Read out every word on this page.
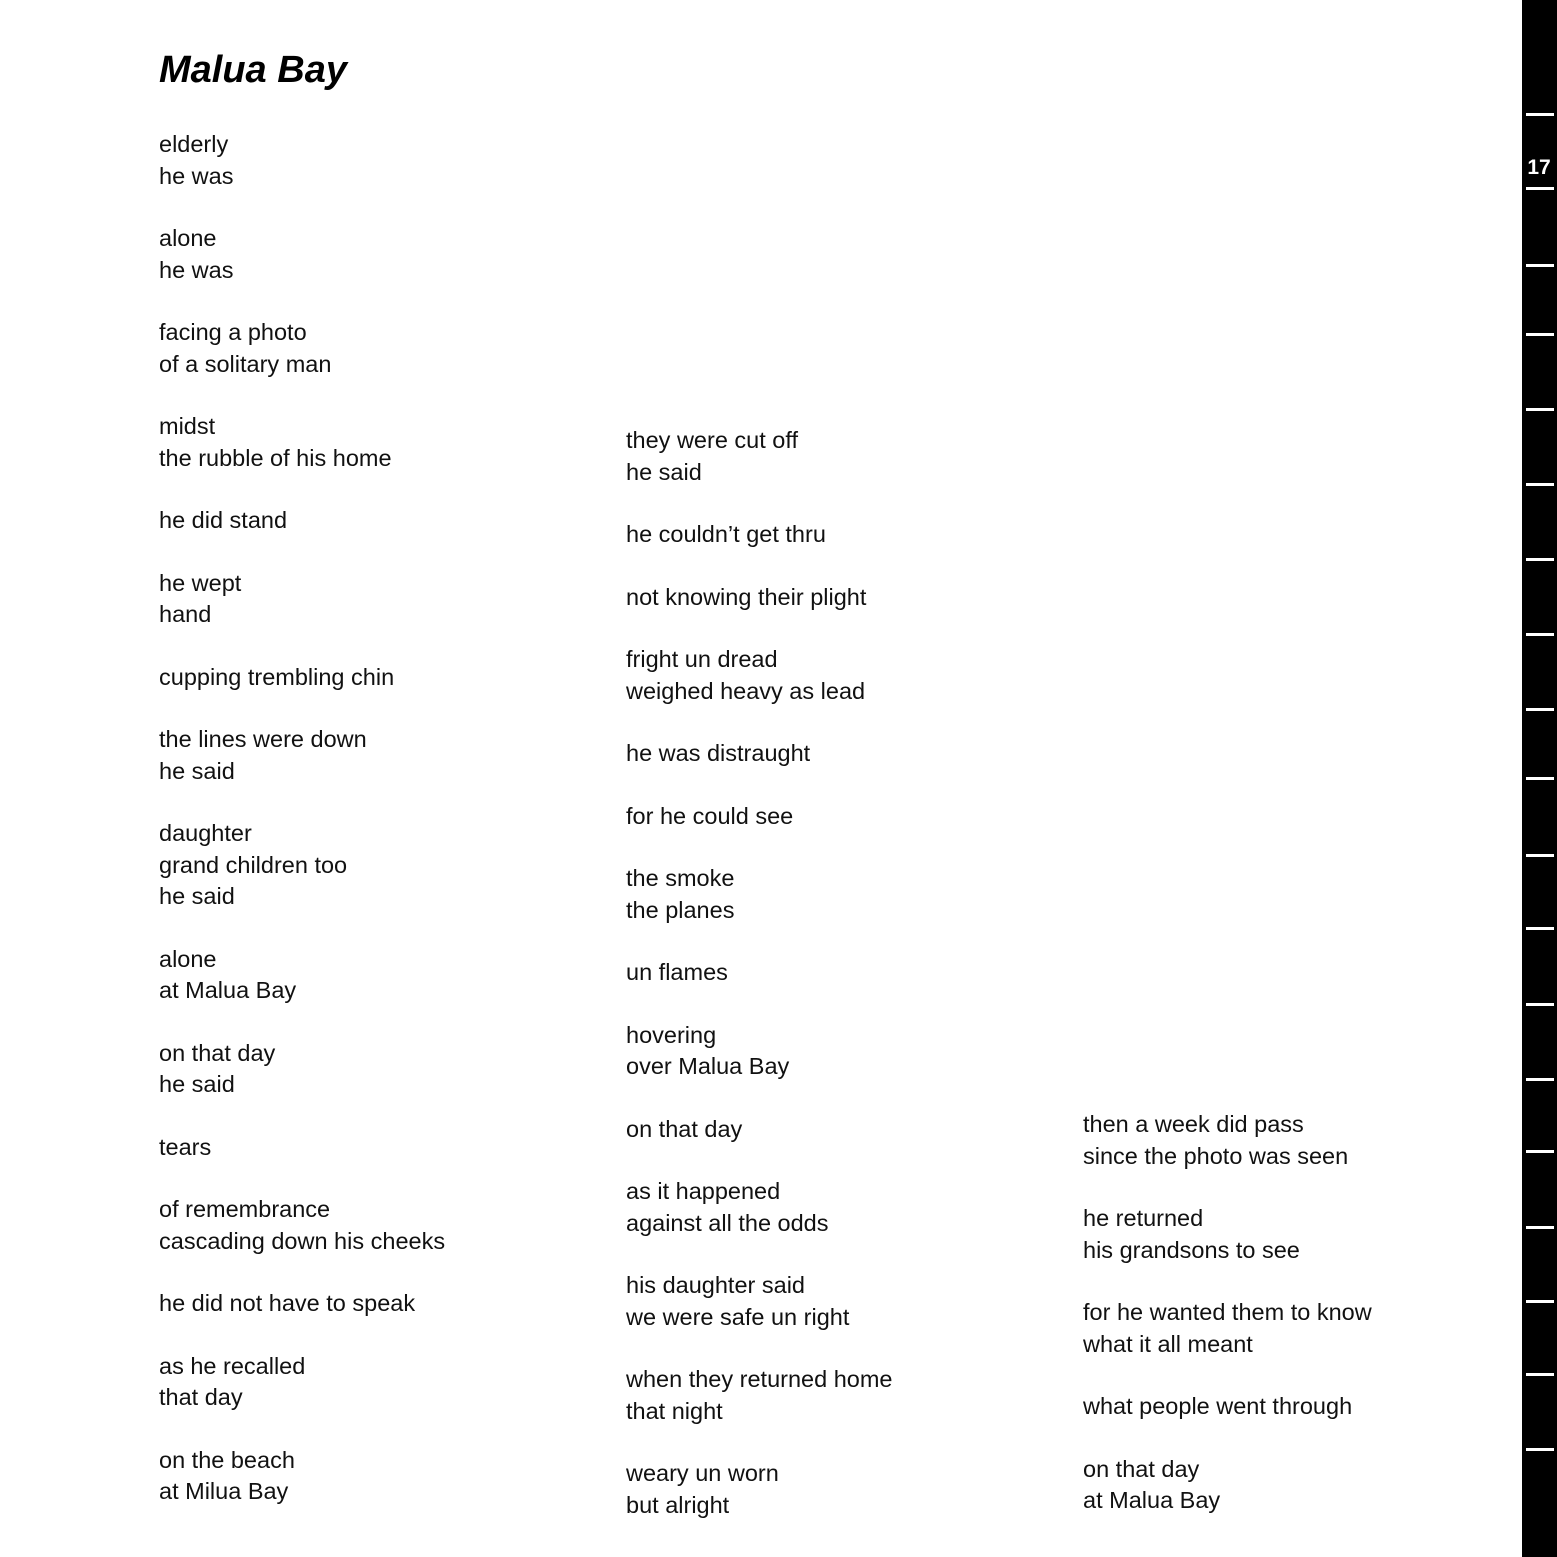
Malua Bay
elderly
he was
alone
he was
facing a photo
of a solitary man
midst
the rubble of his home
he did stand
he wept
hand
cupping trembling chin
the lines were down
he said
daughter
grand children too
he said
alone
at Malua Bay
on that day
he said
tears
of remembrance
cascading down his cheeks
he did not have to speak
as he recalled
that day
on the beach
at Milua Bay
they were cut off
he said
he couldn’t get thru
not knowing their plight
fright un dread
weighed heavy as lead
he was distraught
for he could see
the smoke
the planes
un flames
hovering
over Malua Bay
on that day
as it happened
against all the odds
his daughter said
we were safe un right
when they returned home
that night
weary un worn
but alright
then a week did pass
since the photo was seen
he returned
his grandsons to see
for he wanted them to know
what it all meant
what people went through
on that day
at Malua Bay
17
